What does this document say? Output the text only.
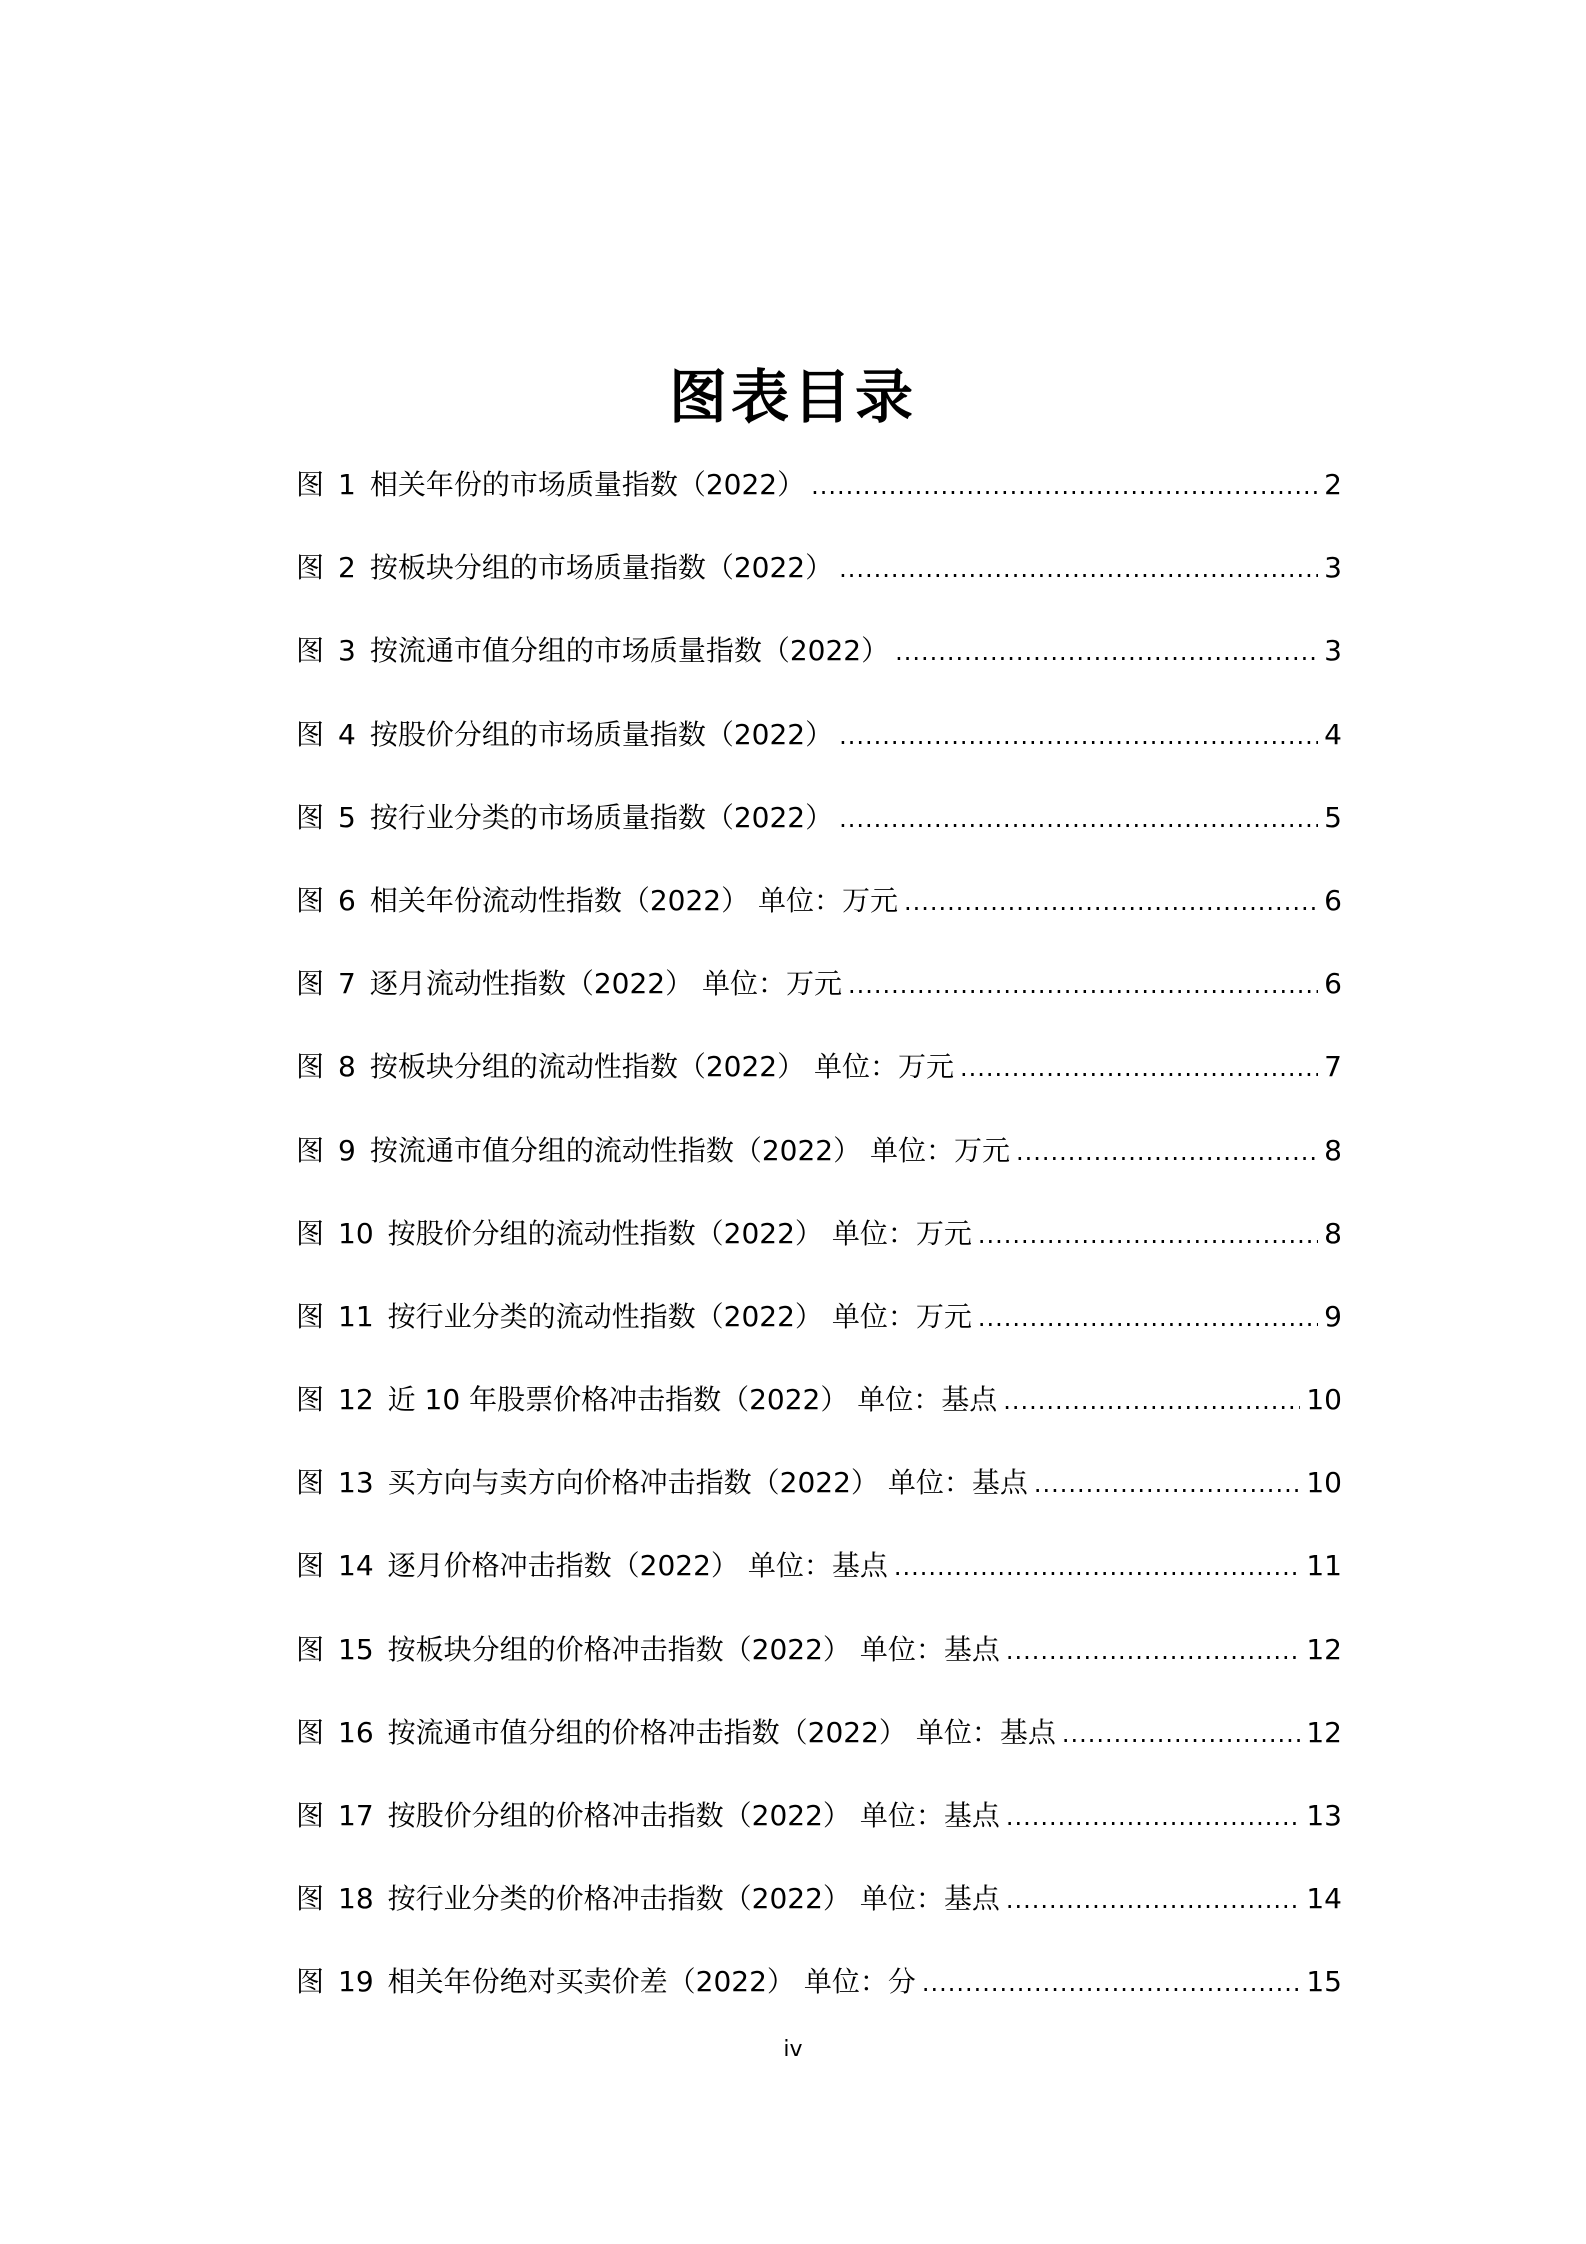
图表目录
图 1 相关年份的市场质量指数（2022） .....	2
图 2 按板块分组的市场质量指数（2022） .....	3
图 3 按流通市值分组的市场质量指数（2022） .....	3
图 4 按股价分组的市场质量指数（2022） .....	4
图 5 按行业分类的市场质量指数（2022） .....	5
图 6 相关年份流动性指数（2022） 单位：万元 .....	6
图 7 逐月流动性指数（2022） 单位：万元 .....	6
图 8 按板块分组的流动性指数（2022） 单位：万元 .....	7
图 9 按流通市值分组的流动性指数（2022） 单位：万元 .....	8
图 10 按股价分组的流动性指数（2022） 单位：万元 .....	8
图 11 按行业分类的流动性指数（2022） 单位：万元 .....	9
图 12 近 10 年股票价格冲击指数（2022） 单位：基点 .....	10
图 13 买方向与卖方向价格冲击指数（2022） 单位：基点 .....	10
图 14 逐月价格冲击指数（2022） 单位：基点 .....	11
图 15 按板块分组的价格冲击指数（2022） 单位：基点 .....	12
图 16 按流通市值分组的价格冲击指数（2022） 单位：基点 .....	12
图 17 按股价分组的价格冲击指数（2022） 单位：基点 .....	13
图 18 按行业分类的价格冲击指数（2022） 单位：基点 .....	14
图 19 相关年份绝对买卖价差（2022） 单位：分 .....	15
iv
